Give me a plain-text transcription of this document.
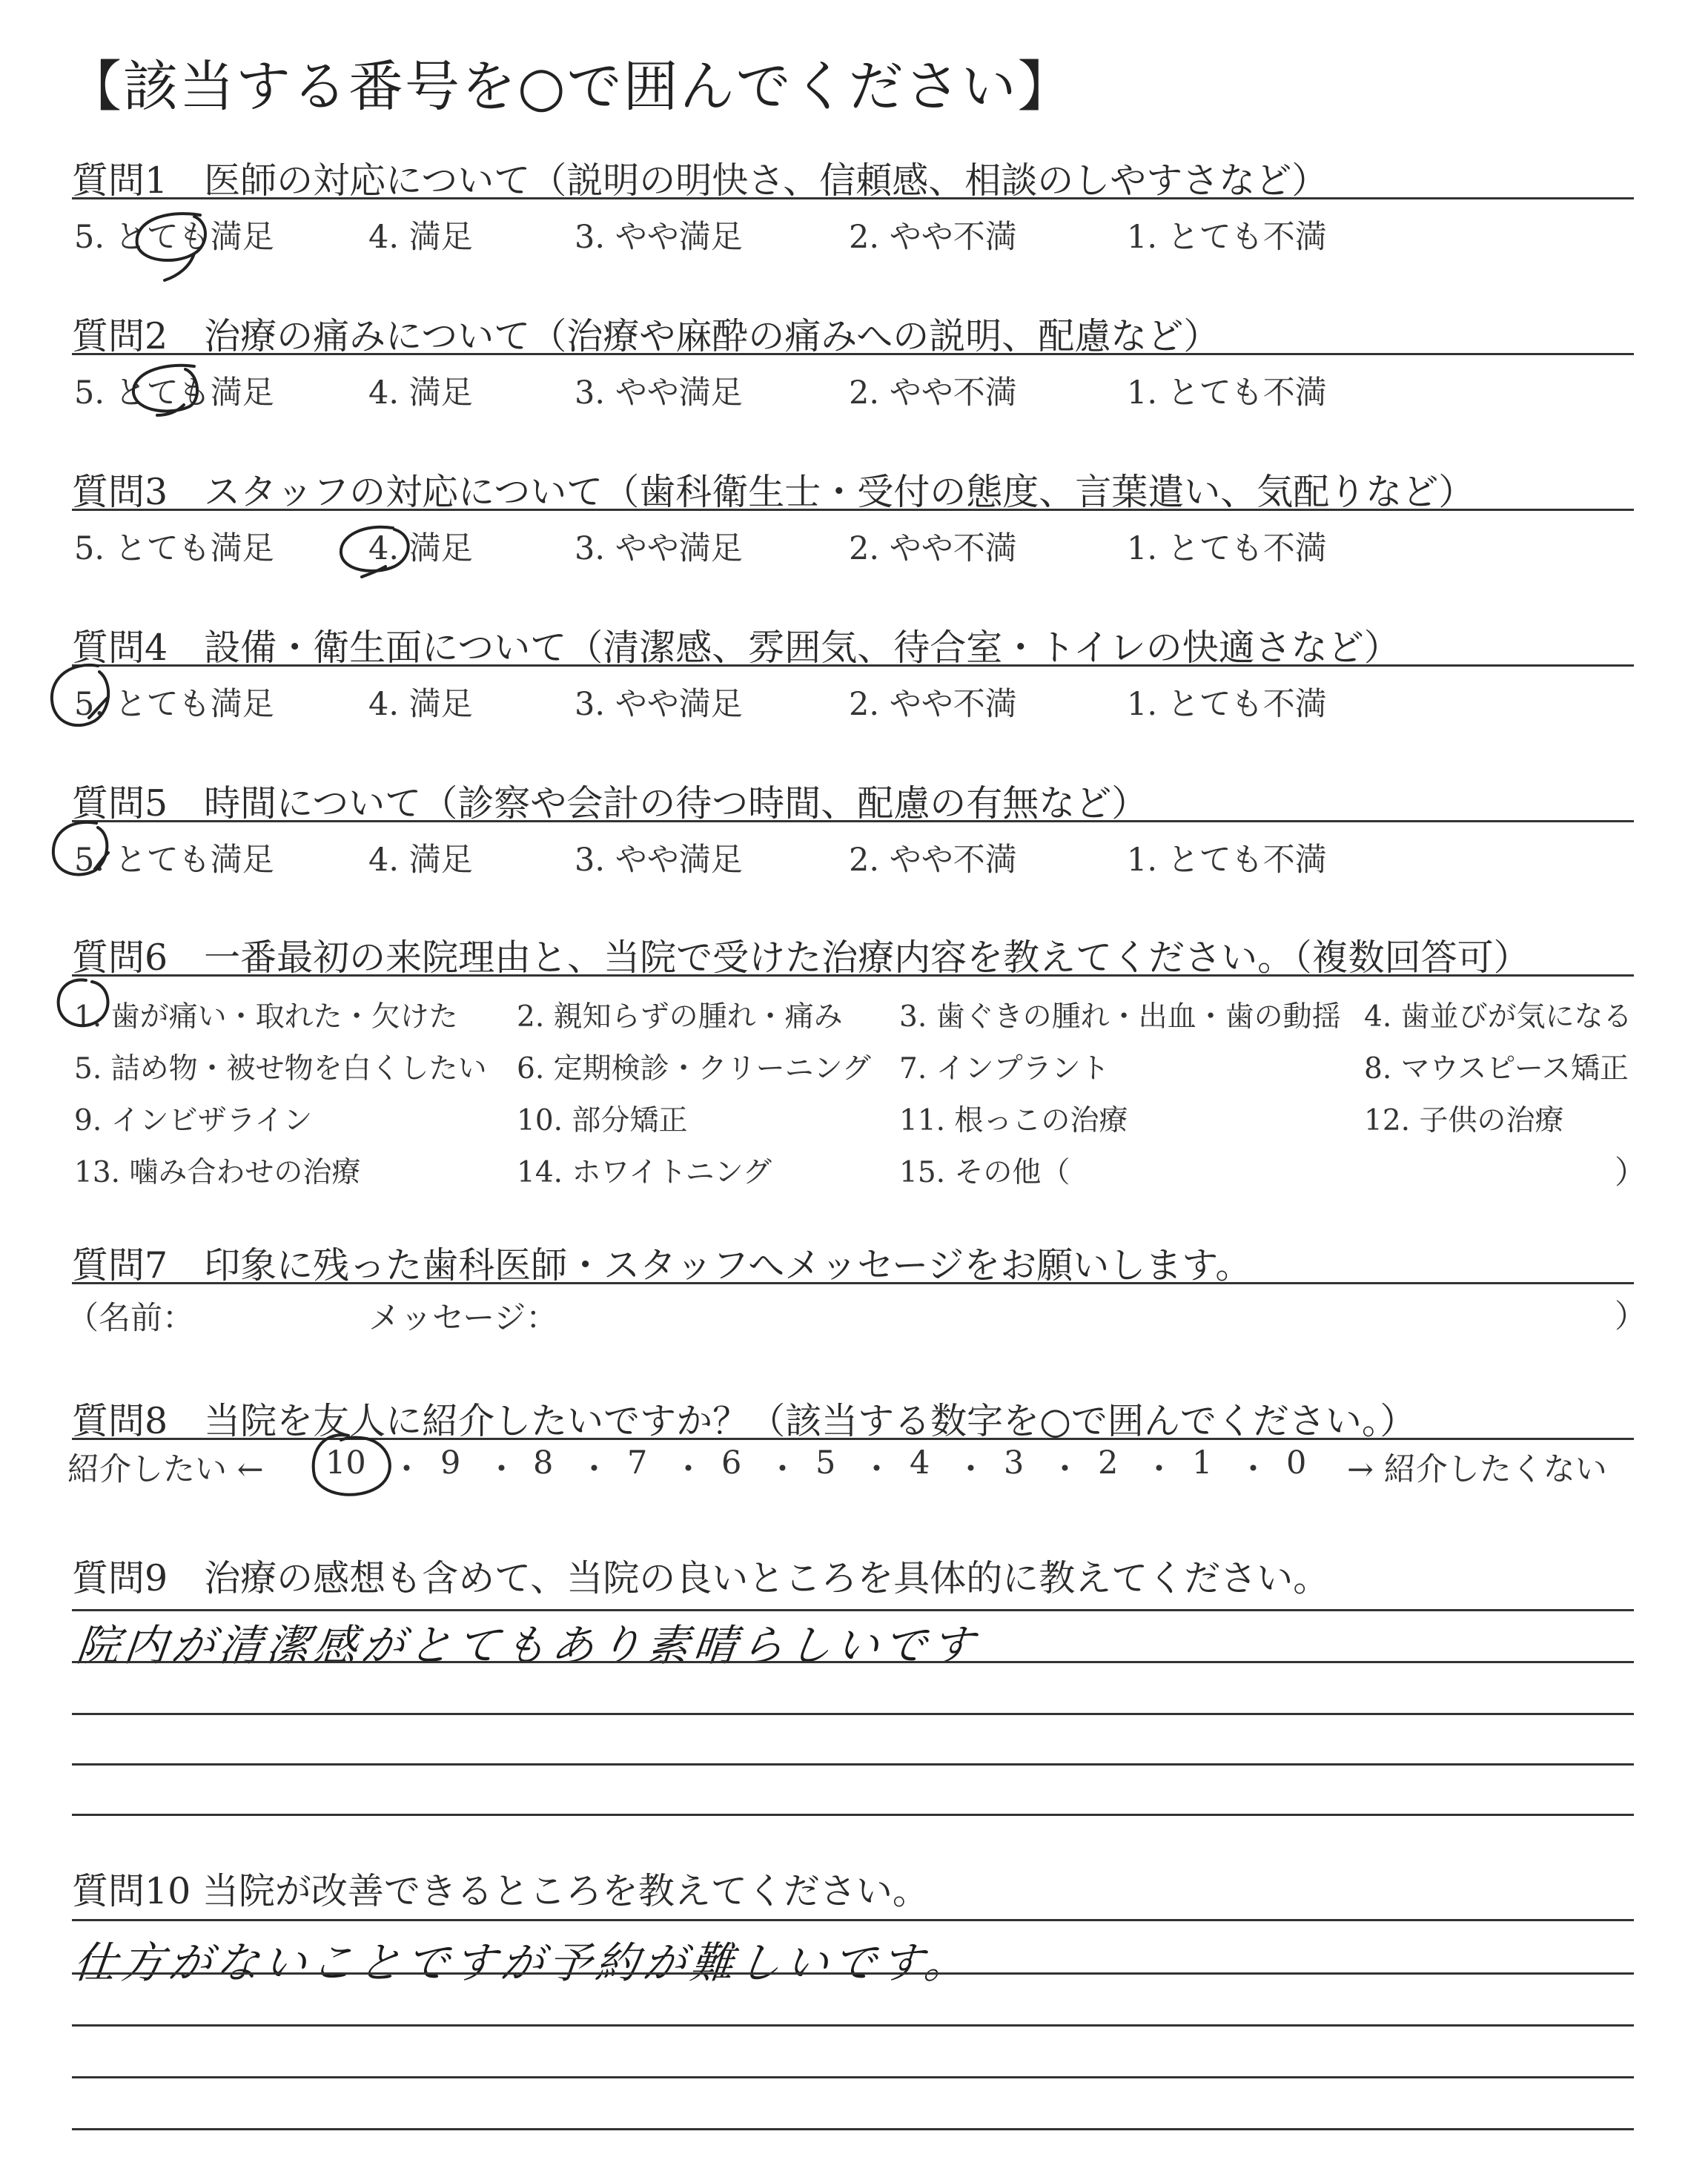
【該当する番号を○で囲んでください】
質問1　医師の対応について（説明の明快さ、信頼感、相談のしやすさなど）
5. とても満足	4. 満足	3. やや満足	2. やや不満	1. とても不満
質問2　治療の痛みについて（治療や麻酔の痛みへの説明、配慮など）
5. とても満足	4. 満足	3. やや満足	2. やや不満	1. とても不満
質問3　スタッフの対応について（歯科衛生士・受付の態度、言葉遣い、気配りなど）
5. とても満足	4. 満足	3. やや満足	2. やや不満	1. とても不満
質問4　設備・衛生面について（清潔感、雰囲気、待合室・トイレの快適さなど）
5. とても満足	4. 満足	3. やや満足	2. やや不満	1. とても不満
質問5　時間について（診察や会計の待つ時間、配慮の有無など）
5. とても満足	4. 満足	3. やや満足	2. やや不満	1. とても不満
質問6　一番最初の来院理由と、当院で受けた治療内容を教えてください。（複数回答可）
1. 歯が痛い・取れた・欠けた 2. 親知らずの腫れ・痛み 3. 歯ぐきの腫れ・出血・歯の動揺 4. 歯並びが気になる
5. 詰め物・被せ物を白くしたい 6. 定期検診・クリーニング 7. インプラント	8. マウスピース矯正
9. インビザライン	10. 部分矯正	11. 根っこの治療	12. 子供の治療
13. 噛み合わせの治療	14. ホワイトニング	15. その他（	）
質問7　印象に残った歯科医師・スタッフへメッセージをお願いします。
（名前：	メッセージ：	）
質問8　当院を友人に紹介したいですか？（該当する数字を○で囲んでください。）
紹介したい ← 10 ・ 9 ・ 8 ・ 7 ・ 6 ・ 5 ・ 4 ・ 3 ・ 2 ・ 1 ・ 0 → 紹介したくない
質問9　治療の感想も含めて、当院の良いところを具体的に教えてください。
院内が清潔感がとてもあり素晴らしいです
質問10 当院が改善できるところを教えてください。
仕方がないことですが予約が難しいです。
